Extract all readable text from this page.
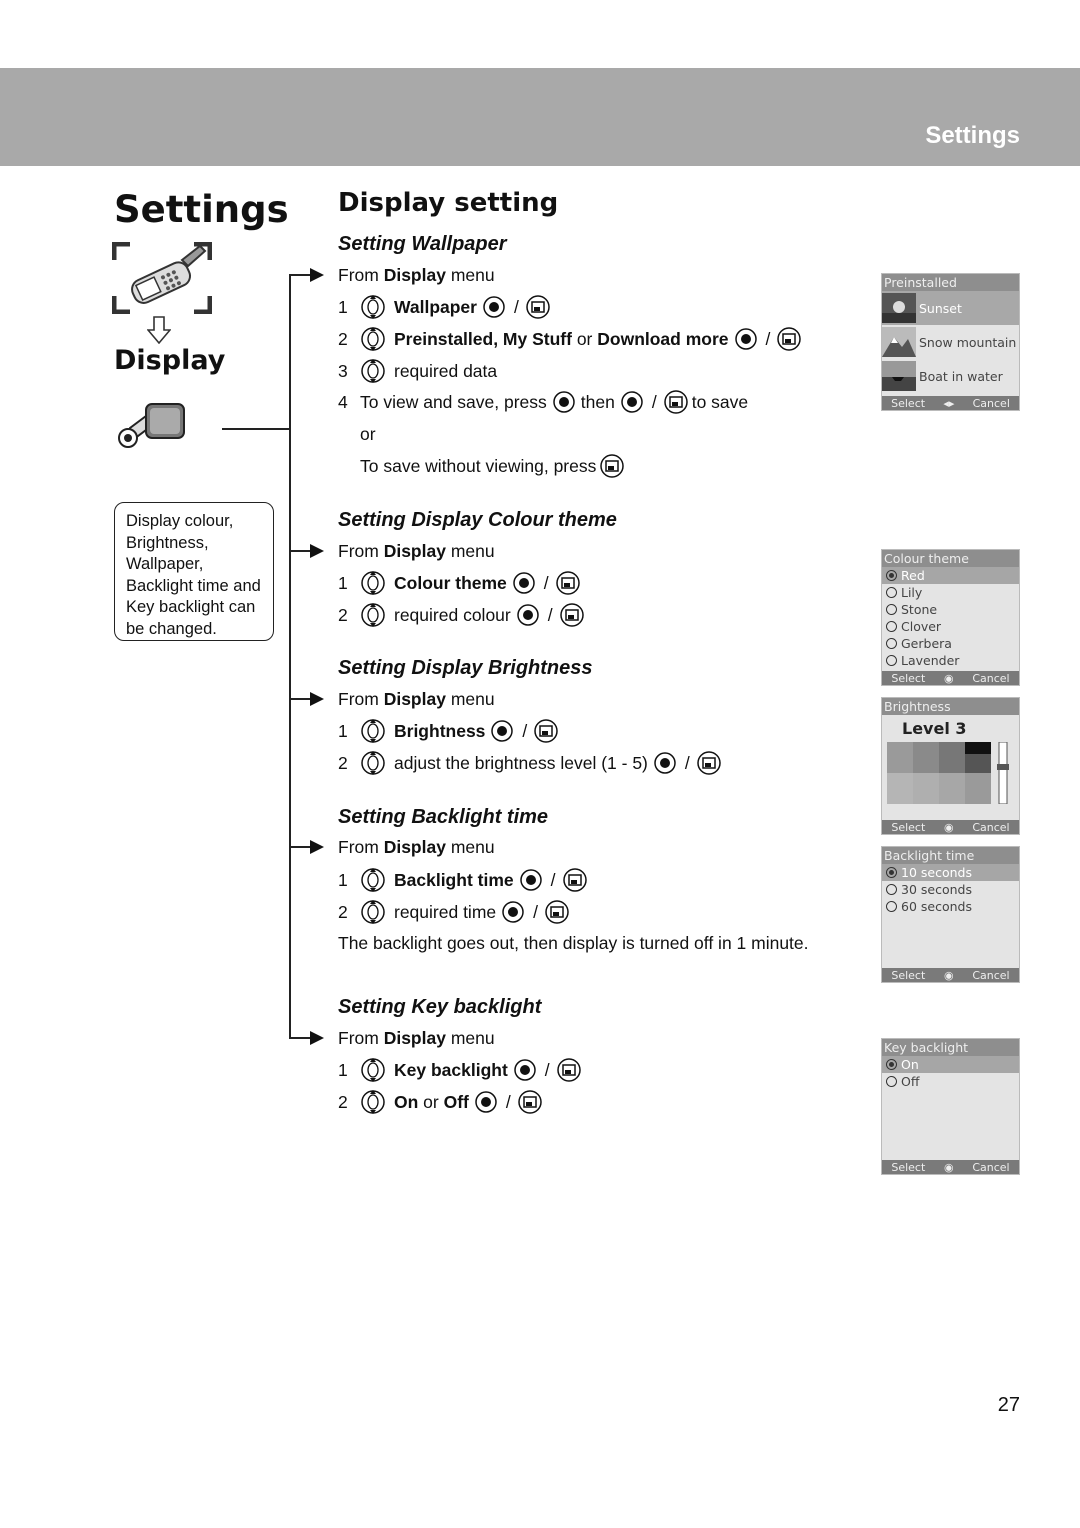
Settings
Settings
Display
Display colour,
Brightness,
Wallpaper,
Backlight time and
Key backlight can
be changed.
Display setting
Setting Wallpaper
From
Display
menu
1	Wallpaper /
2	Preinstalled, My Stuff or Download more /
3	required data
4 To view and save, press then / to save
or
To save without viewing, press
Setting Display Colour theme
From
Display
menu
1	Colour theme /
2	required colour /
Setting Display Brightness
From
Display
menu
1	Brightness /
2	adjust the brightness level (1 - 5) /
Setting Backlight time
From
Display
menu
1	Backlight time /
2	required time /
The backlight goes out, then display is turned off in 1 minute.
Setting Key backlight
From
Display
menu
1	Key backlight /
2	On or Off /
Preinstalled
Sunset
Snow mountain
Boat in water
Select ◂▸ Cancel
Colour theme
Red
Lily
Stone
Clover
Gerbera
Lavender
Select ◉ Cancel
Brightness
Level 3
Select ◉ Cancel
Backlight time
10 seconds
30 seconds
60 seconds
Select ◉ Cancel
Key backlight
On
Off
Select ◉ Cancel
27
